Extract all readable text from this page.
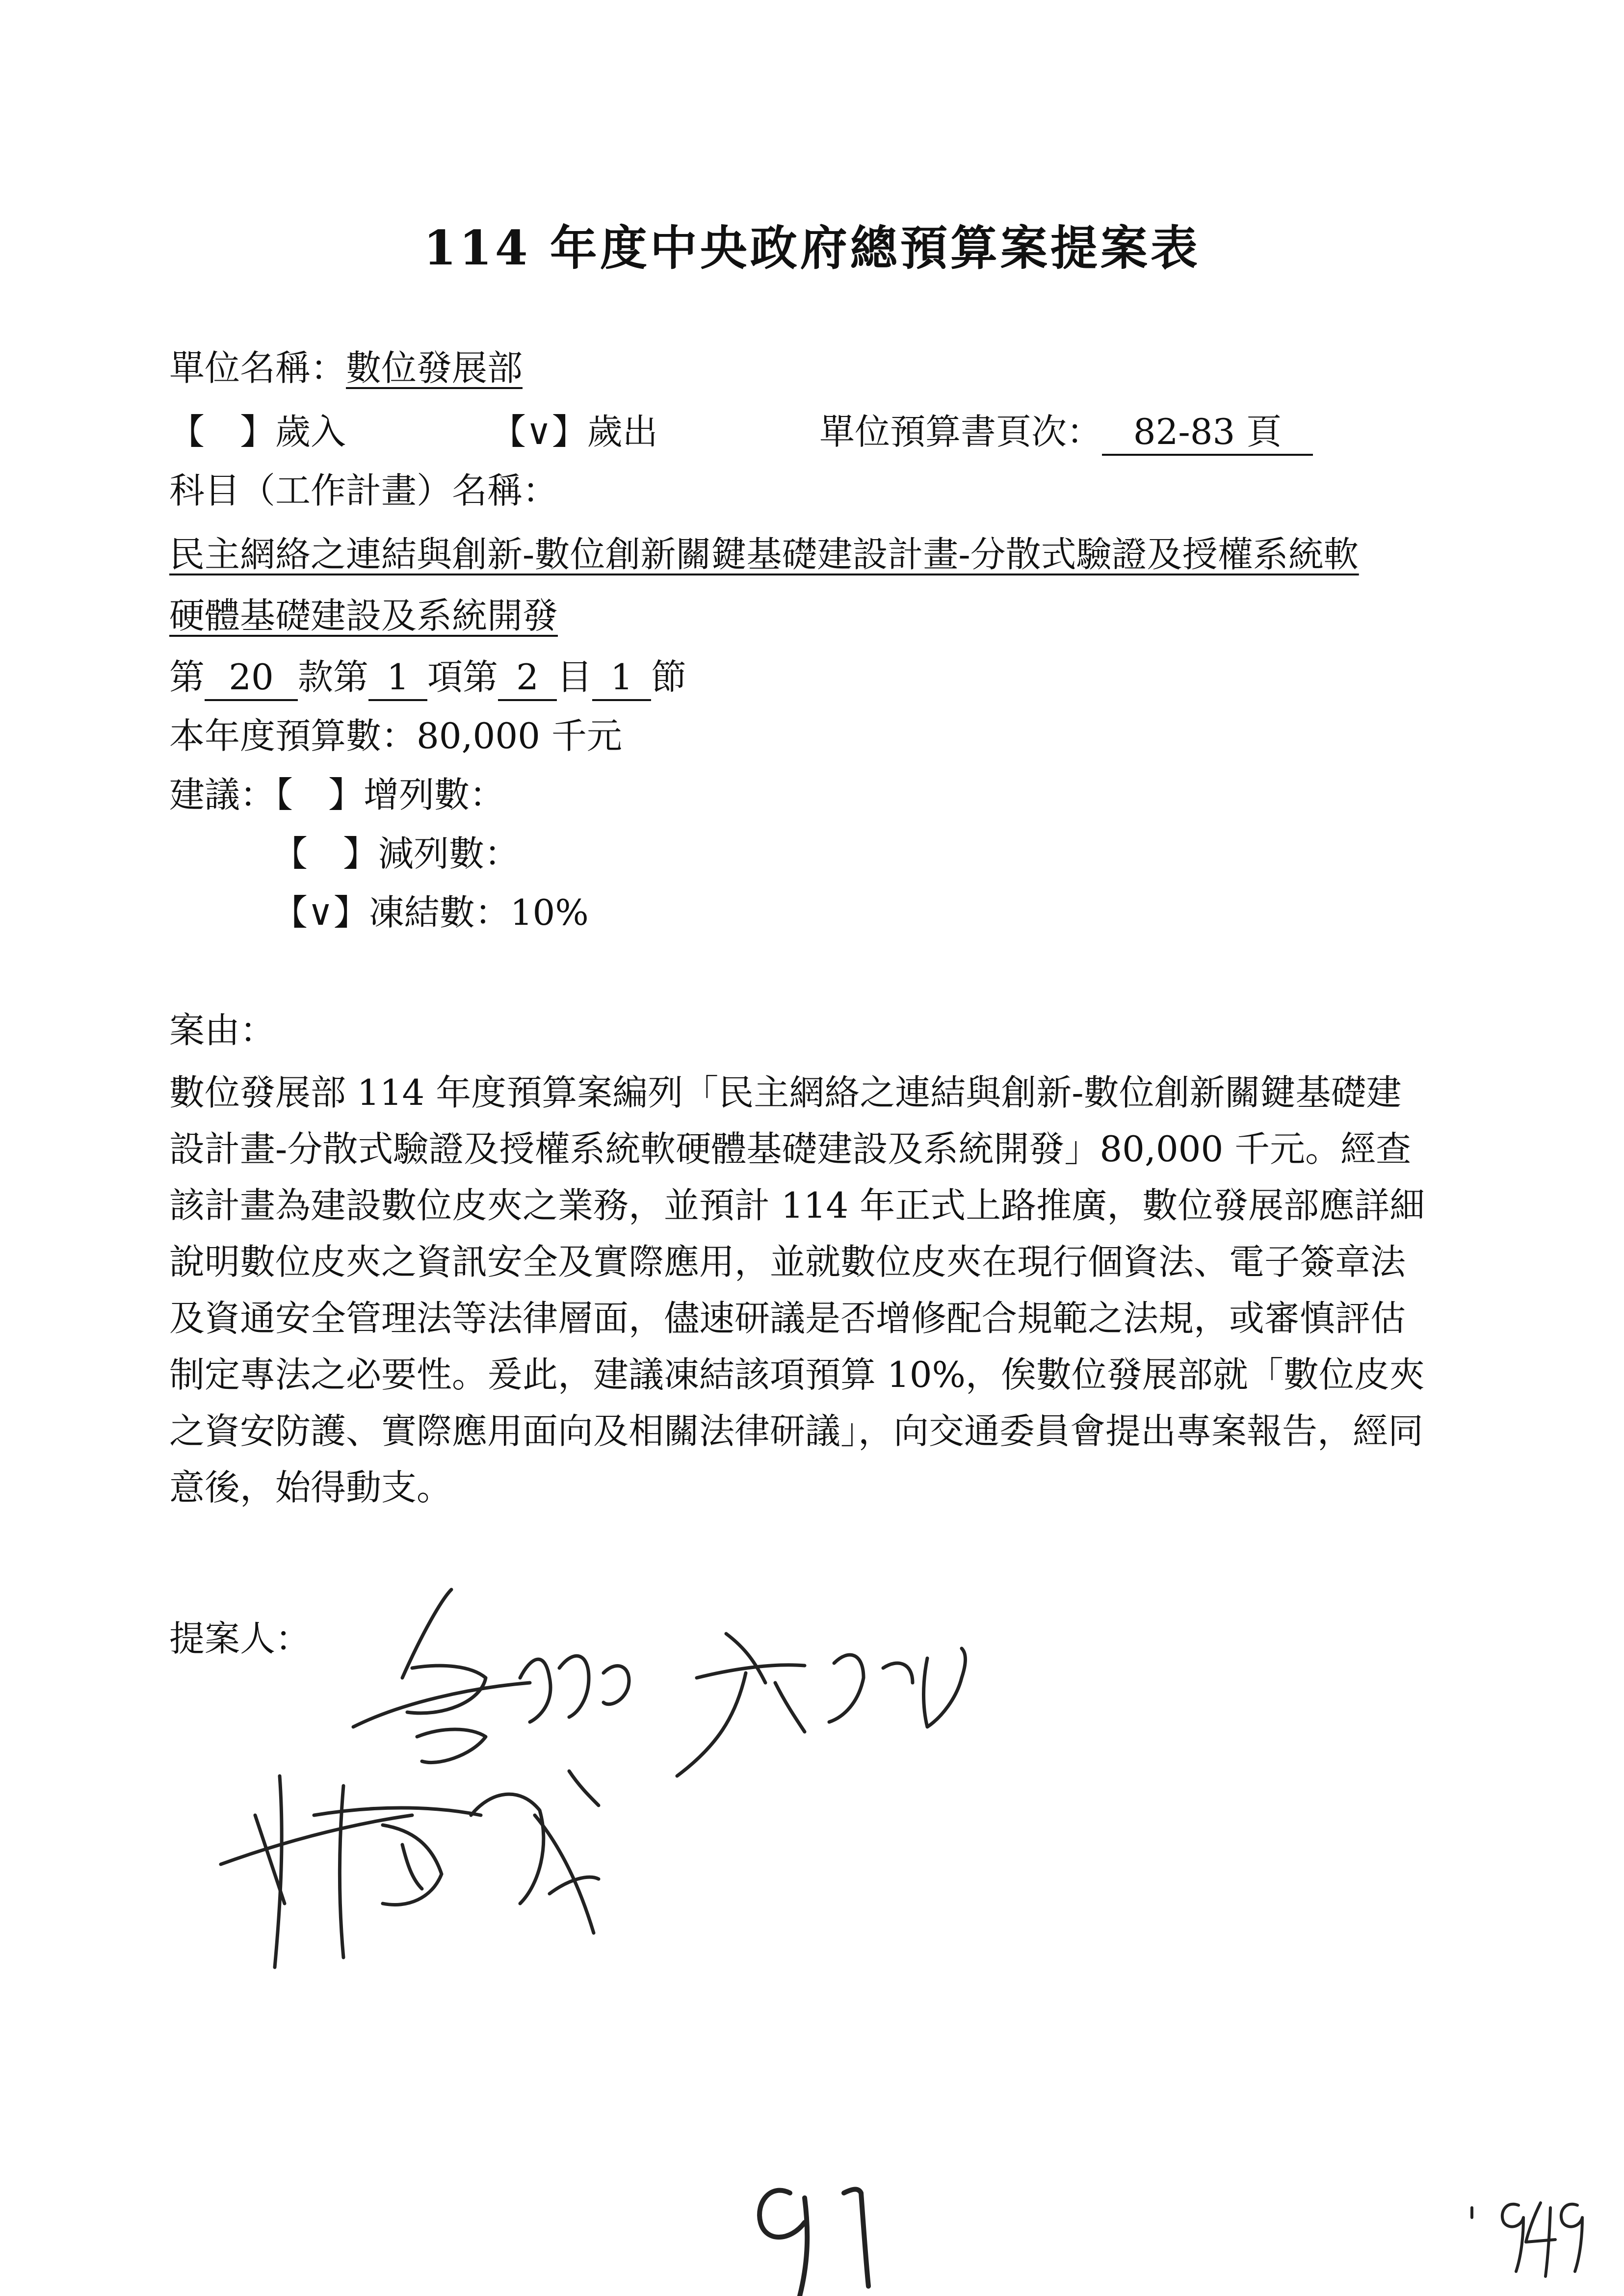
114 年度中央政府總預算案提案表
單位名稱：數位發展部
【　】歲入	【∨】歲出	單位預算書頁次： 82-83 頁
科目（工作計畫）名稱：
民主網絡之連結與創新-數位創新關鍵基礎建設計畫-分散式驗證及授權系統軟
硬體基礎建設及系統開發
第 20 款第 1 項第 2 目 1 節
本年度預算數：80,000 千元
建議：【　】增列數：
【　】減列數：
【∨】凍結數：10%
案由：
數位發展部 114 年度預算案編列「民主網絡之連結與創新-數位創新關鍵基礎建
設計畫-分散式驗證及授權系統軟硬體基礎建設及系統開發」80,000 千元。經查
該計畫為建設數位皮夾之業務，並預計 114 年正式上路推廣，數位發展部應詳細
說明數位皮夾之資訊安全及實際應用，並就數位皮夾在現行個資法、電子簽章法
及資通安全管理法等法律層面，儘速研議是否增修配合規範之法規，或審慎評估
制定專法之必要性。爰此，建議凍結該項預算 10%，俟數位發展部就「數位皮夾
之資安防護、實際應用面向及相關法律研議」，向交通委員會提出專案報告，經同
意後，始得動支。
提案人：
